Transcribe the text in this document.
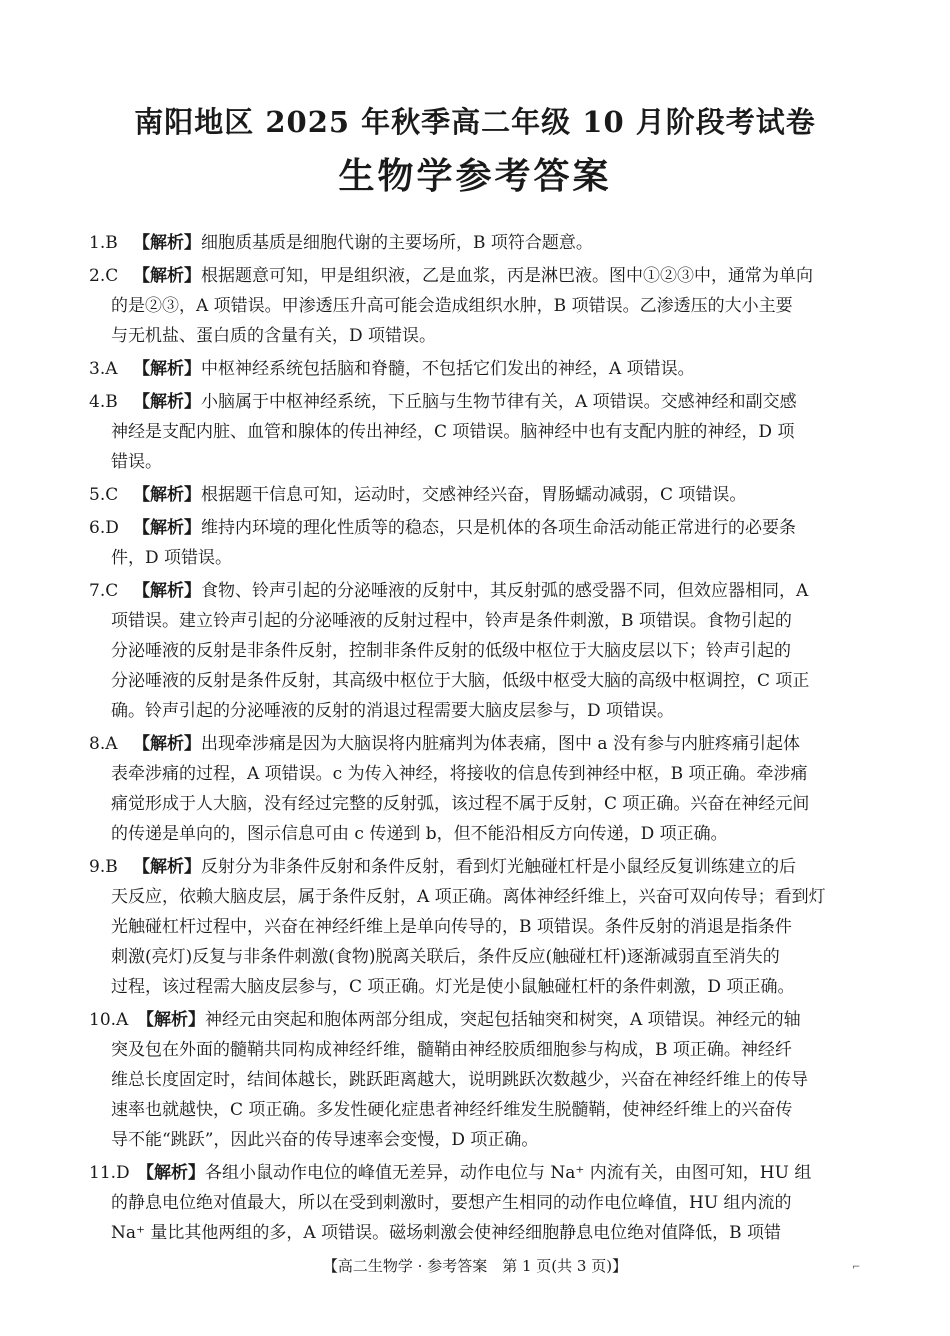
南阳地区 2025 年秋季高二年级 10 月阶段考试卷
生物学参考答案
1.B 【解析】细胞质基质是细胞代谢的主要场所，B 项符合题意。
2.C 【解析】根据题意可知，甲是组织液，乙是血浆，丙是淋巴液。图中①②③中，通常为单向
的是②③，A 项错误。甲渗透压升高可能会造成组织水肿，B 项错误。乙渗透压的大小主要
与无机盐、蛋白质的含量有关，D 项错误。
3.A 【解析】中枢神经系统包括脑和脊髓，不包括它们发出的神经，A 项错误。
4.B 【解析】小脑属于中枢神经系统，下丘脑与生物节律有关，A 项错误。交感神经和副交感
神经是支配内脏、血管和腺体的传出神经，C 项错误。脑神经中也有支配内脏的神经，D 项
错误。
5.C 【解析】根据题干信息可知，运动时，交感神经兴奋，胃肠蠕动减弱，C 项错误。
6.D 【解析】维持内环境的理化性质等的稳态，只是机体的各项生命活动能正常进行的必要条
件，D 项错误。
7.C 【解析】食物、铃声引起的分泌唾液的反射中，其反射弧的感受器不同，但效应器相同，A
项错误。建立铃声引起的分泌唾液的反射过程中，铃声是条件刺激，B 项错误。食物引起的
分泌唾液的反射是非条件反射，控制非条件反射的低级中枢位于大脑皮层以下；铃声引起的
分泌唾液的反射是条件反射，其高级中枢位于大脑，低级中枢受大脑的高级中枢调控，C 项正
确。铃声引起的分泌唾液的反射的消退过程需要大脑皮层参与，D 项错误。
8.A 【解析】出现牵涉痛是因为大脑误将内脏痛判为体表痛，图中 a 没有参与内脏疼痛引起体
表牵涉痛的过程，A 项错误。c 为传入神经，将接收的信息传到神经中枢，B 项正确。牵涉痛
痛觉形成于人大脑，没有经过完整的反射弧，该过程不属于反射，C 项正确。兴奋在神经元间
的传递是单向的，图示信息可由 c 传递到 b，但不能沿相反方向传递，D 项正确。
9.B 【解析】反射分为非条件反射和条件反射，看到灯光触碰杠杆是小鼠经反复训练建立的后
天反应，依赖大脑皮层，属于条件反射，A 项正确。离体神经纤维上，兴奋可双向传导；看到灯
光触碰杠杆过程中，兴奋在神经纤维上是单向传导的，B 项错误。条件反射的消退是指条件
刺激(亮灯)反复与非条件刺激(食物)脱离关联后，条件反应(触碰杠杆)逐渐减弱直至消失的
过程，该过程需大脑皮层参与，C 项正确。灯光是使小鼠触碰杠杆的条件刺激，D 项正确。
10.A 【解析】神经元由突起和胞体两部分组成，突起包括轴突和树突，A 项错误。神经元的轴
突及包在外面的髓鞘共同构成神经纤维，髓鞘由神经胶质细胞参与构成，B 项正确。神经纤
维总长度固定时，结间体越长，跳跃距离越大，说明跳跃次数越少，兴奋在神经纤维上的传导
速率也就越快，C 项正确。多发性硬化症患者神经纤维发生脱髓鞘，使神经纤维上的兴奋传
导不能“跳跃”，因此兴奋的传导速率会变慢，D 项正确。
11.D 【解析】各组小鼠动作电位的峰值无差异，动作电位与 Na⁺ 内流有关，由图可知，HU 组
的静息电位绝对值最大，所以在受到刺激时，要想产生相同的动作电位峰值，HU 组内流的
Na⁺ 量比其他两组的多，A 项错误。磁场刺激会使神经细胞静息电位绝对值降低，B 项错
【高二生物学 · 参考答案　第 1 页(共 3 页)】	⌐
